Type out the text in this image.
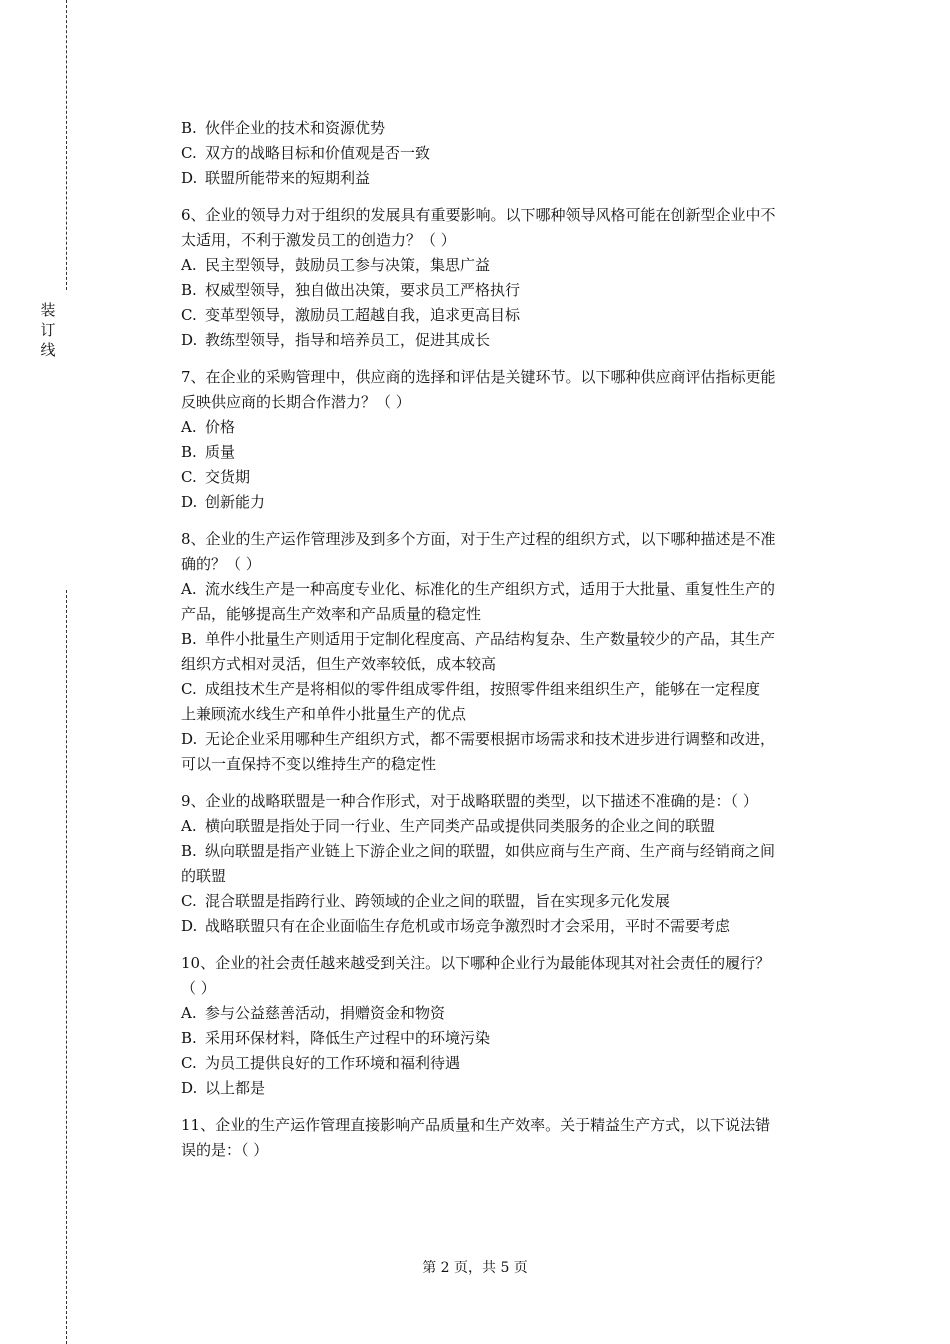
装订线
B. 伙伴企业的技术和资源优势
C. 双方的战略目标和价值观是否一致
D. 联盟所能带来的短期利益
6、企业的领导力对于组织的发展具有重要影响。以下哪种领导风格可能在创新型企业中不
太适用，不利于激发员工的创造力？（ ）
A. 民主型领导，鼓励员工参与决策，集思广益
B. 权威型领导，独自做出决策，要求员工严格执行
C. 变革型领导，激励员工超越自我，追求更高目标
D. 教练型领导，指导和培养员工，促进其成长
7、在企业的采购管理中，供应商的选择和评估是关键环节。以下哪种供应商评估指标更能
反映供应商的长期合作潜力？（ ）
A. 价格
B. 质量
C. 交货期
D. 创新能力
8、企业的生产运作管理涉及到多个方面，对于生产过程的组织方式，以下哪种描述是不准
确的？（ ）
A. 流水线生产是一种高度专业化、标准化的生产组织方式，适用于大批量、重复性生产的
产品，能够提高生产效率和产品质量的稳定性
B. 单件小批量生产则适用于定制化程度高、产品结构复杂、生产数量较少的产品，其生产
组织方式相对灵活，但生产效率较低，成本较高
C. 成组技术生产是将相似的零件组成零件组，按照零件组来组织生产，能够在一定程度
上兼顾流水线生产和单件小批量生产的优点
D. 无论企业采用哪种生产组织方式，都不需要根据市场需求和技术进步进行调整和改进，
可以一直保持不变以维持生产的稳定性
9、企业的战略联盟是一种合作形式，对于战略联盟的类型，以下描述不准确的是：（ ）
A. 横向联盟是指处于同一行业、生产同类产品或提供同类服务的企业之间的联盟
B. 纵向联盟是指产业链上下游企业之间的联盟，如供应商与生产商、生产商与经销商之间
的联盟
C. 混合联盟是指跨行业、跨领域的企业之间的联盟，旨在实现多元化发展
D. 战略联盟只有在企业面临生存危机或市场竞争激烈时才会采用，平时不需要考虑
10、企业的社会责任越来越受到关注。以下哪种企业行为最能体现其对社会责任的履行？
（ ）
A. 参与公益慈善活动，捐赠资金和物资
B. 采用环保材料，降低生产过程中的环境污染
C. 为员工提供良好的工作环境和福利待遇
D. 以上都是
11、企业的生产运作管理直接影响产品质量和生产效率。关于精益生产方式，以下说法错
误的是：（ ）
第 2 页，共 5 页
